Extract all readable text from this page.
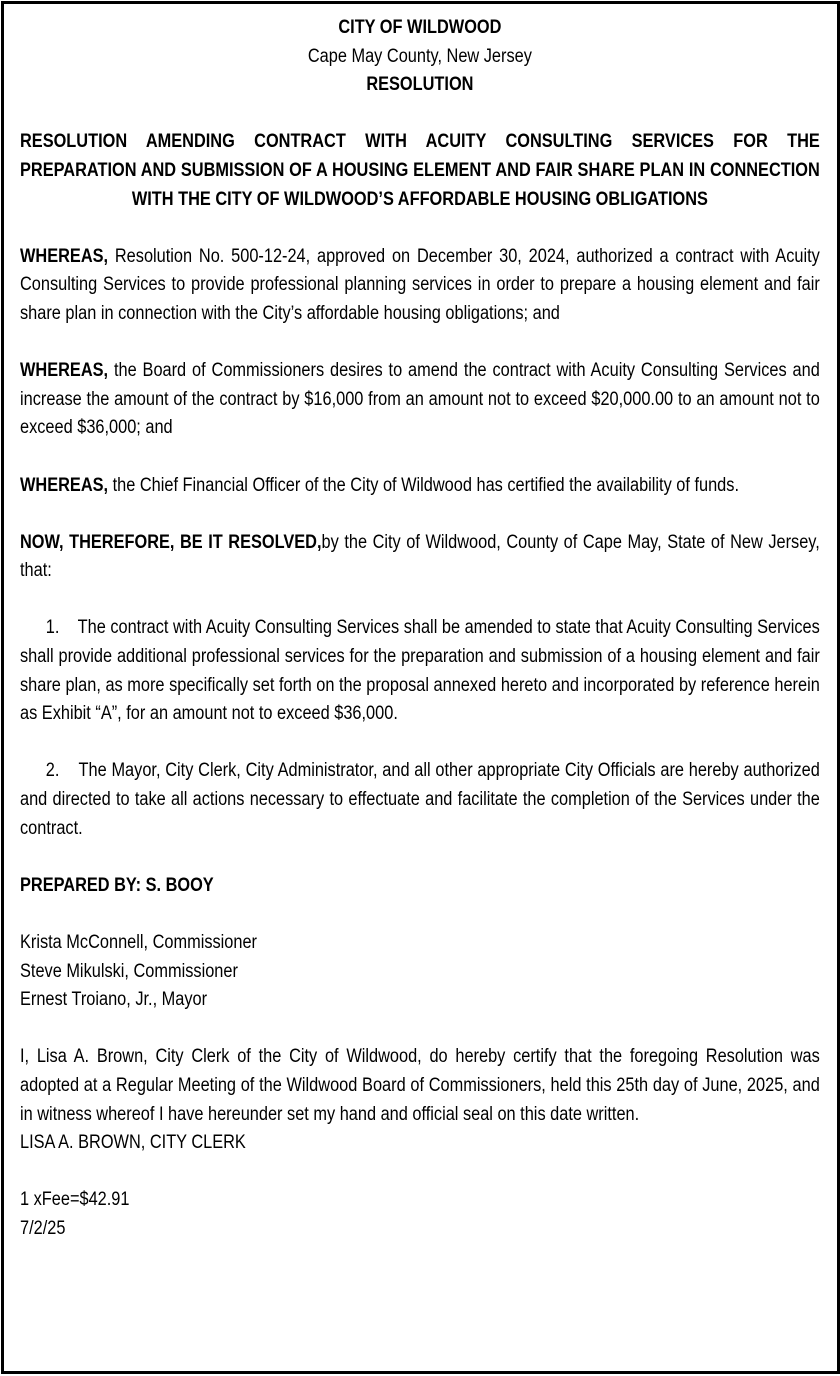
CITY OF WILDWOOD

Cape May County, New Jersey

RESOLUTION

RESOLUTION AMENDING CONTRACT WITH ACUITY CONSULTING SERVICES FOR THE PREPARATION AND SUBMISSION OF A HOUSING ELEMENT AND FAIR SHARE PLAN IN CONNECTION WITH THE CITY OF WILDWOOD’S AFFORDABLE HOUSING OBLIGATIONS

WHEREAS, Resolution No. 500-12-24, approved on December 30, 2024, authorized a contract with Acuity Consulting Services to provide professional planning services in order to prepare a housing element and fair share plan in connection with the City’s affordable housing obligations; and

WHEREAS, the Board of Commissioners desires to amend the contract with Acuity Consulting Services and increase the amount of the contract by $16,000 from an amount not to exceed $20,000.00 to an amount not to exceed $36,000; and

WHEREAS, the Chief Financial Officer of the City of Wildwood has certified the availability of funds.

NOW, THEREFORE, BE IT RESOLVED,by the City of Wildwood, County of Cape May, State of New Jersey, that:

1. The contract with Acuity Consulting Services shall be amended to state that Acuity Consulting Services shall provide additional professional services for the preparation and submission of a housing element and fair share plan, as more specifically set forth on the proposal annexed hereto and incorporated by reference herein as Exhibit “A”, for an amount not to exceed $36,000.

2. The Mayor, City Clerk, City Administrator, and all other appropriate City Officials are hereby authorized and directed to take all actions necessary to effectuate and facilitate the completion of the Services under the contract.

PREPARED BY: S. BOOY

Krista McConnell, Commissioner
Steve Mikulski, Commissioner
Ernest Troiano, Jr., Mayor

I, Lisa A. Brown, City Clerk of the City of Wildwood, do hereby certify that the foregoing Resolution was adopted at a Regular Meeting of the Wildwood Board of Commissioners, held this 25th day of June, 2025, and in witness whereof I have hereunder set my hand and official seal on this date written.

LISA A. BROWN, CITY CLERK

1 xFee=$42.91

7/2/25
